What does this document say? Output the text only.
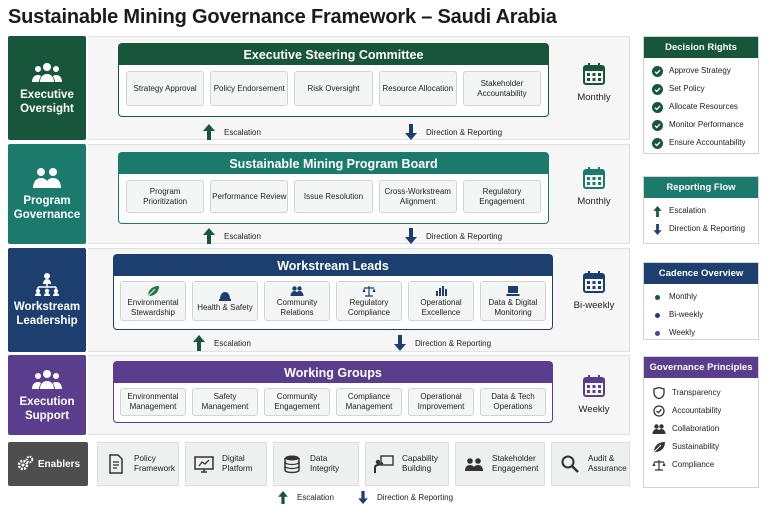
Sustainable Mining Governance Framework – Saudi Arabia
Executive Oversight
Executive Steering Committee
Strategy Approval	Policy Endorsement	Risk Oversight	Resource Allocation
Stakeholder Accountability	Monthly
Escalation	Direction & Reporting
Program Governance
Sustainable Mining Program Board
Program Prioritization
Performance Review	Issue Resolution
Cross-Workstream Alignment
Regulatory Engagement	Monthly
Escalation	Direction & Reporting
Workstream Leadership
Workstream Leads
Environmental Stewardship
Health & Safety
Community Relations
Regulatory Compliance
Operational Excellence
Data & Digital Monitoring
Bi-weekly
Escalation	Direction & Reporting
Execution Support
Working Groups
Environmental Management
Safety Management
Community Engagement
Compliance Management
Operational Improvement
Data & Tech Operations	Weekly
Enablers	Policy Framework
Digital Platform
Data Integrity
Capability Building
Stakeholder Engagement
Audit & Assurance
Escalation	Direction & Reporting
Decision Rights
Approve Strategy
Set Policy
Allocate Resources
Monitor Performance
Ensure Accountability
Reporting Flow
Escalation
Direction & Reporting
Cadence Overview
Monthly
Bi-weekly
Weekly
Governance Principles
Transparency
Accountability
Collaboration
Sustainability
Compliance
